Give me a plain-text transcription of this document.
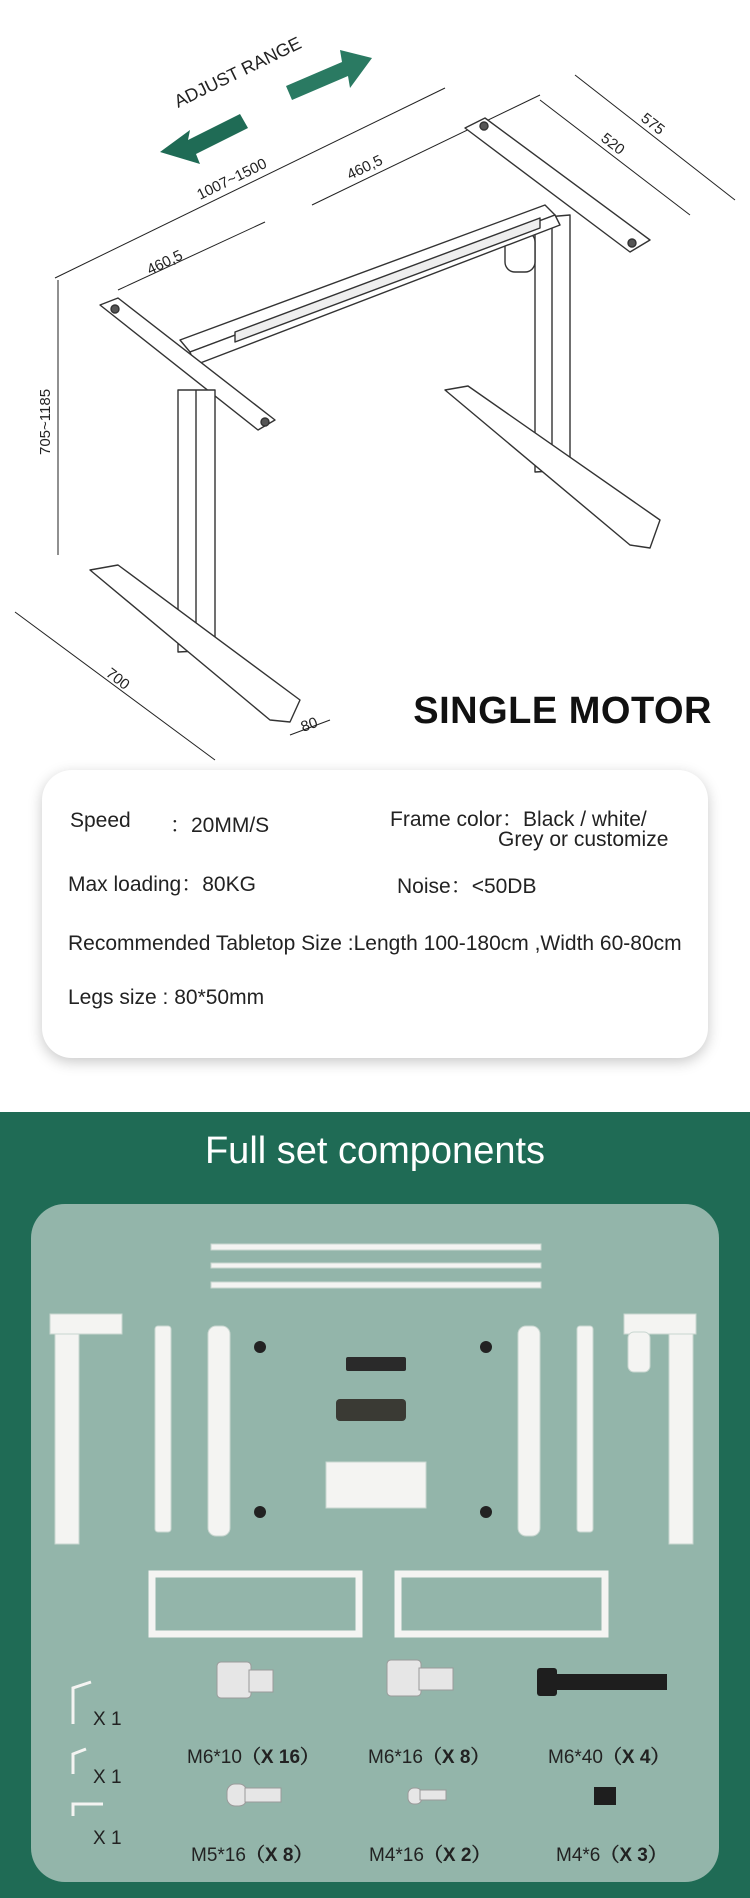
ADJUST RANGE
1007~1500	460,5
460,5
575
520
705~1185
700
80 SINGLE MOTOR
Speed ：20MM/S	Frame color：Black / white/
Grey or customize
Max loading：80KG	Noise：<50DB
Recommended Tabletop Size :Length 100-180cm ,Width 60-80cm
Legs size : 80*50mm
Full set components
X 1
X 1
X 1
M6*10（X 16）	M6*16（X 8）	M6*40（X 4）
M5*16（X 8）	M4*16（X 2）	M4*6（X 3）
